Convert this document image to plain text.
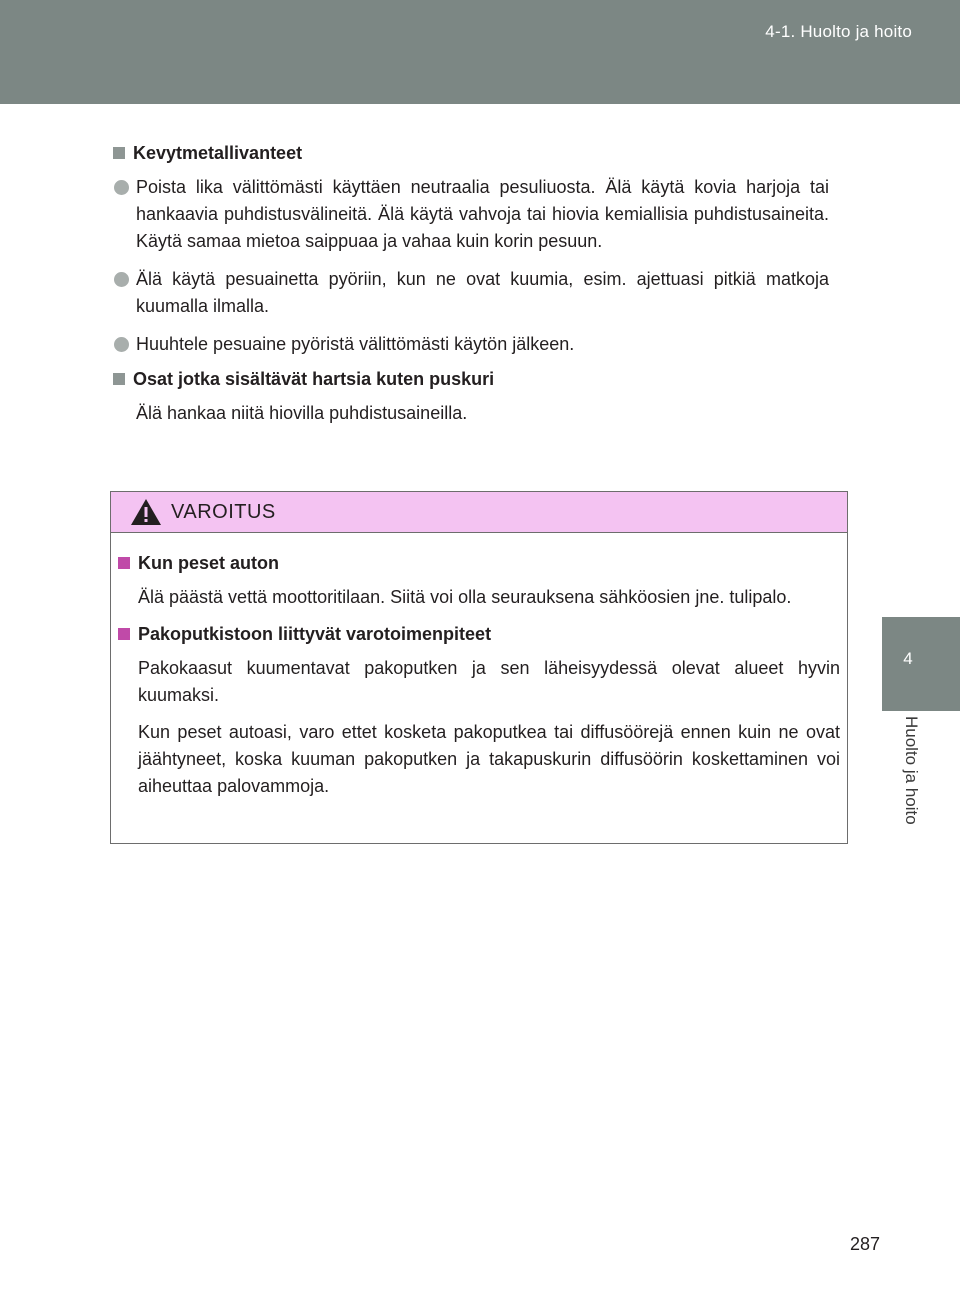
4-1. Huolto ja hoito
4
Huolto ja hoito
Kevytmetallivanteet
Poista lika välittömästi käyttäen neutraalia pesuliuosta. Älä käytä kovia harjoja tai hankaavia puhdistusvälineitä. Älä käytä vahvoja tai hiovia kemiallisia puhdistusaineita. Käytä samaa mietoa saippuaa ja vahaa kuin korin pesuun.
Älä käytä pesuainetta pyöriin, kun ne ovat kuumia, esim. ajettuasi pitkiä matkoja kuumalla ilmalla.
Huuhtele pesuaine pyöristä välittömästi käytön jälkeen.
Osat jotka sisältävät hartsia kuten puskuri
Älä hankaa niitä hiovilla puhdistusaineilla.
VAROITUS
Kun peset auton
Älä päästä vettä moottoritilaan. Siitä voi olla seurauksena sähköosien jne. tulipalo.
Pakoputkistoon liittyvät varotoimenpiteet
Pakokaasut kuumentavat pakoputken ja sen läheisyydessä olevat alueet hyvin kuumaksi.
Kun peset autoasi, varo ettet kosketa pakoputkea tai diffusöörejä ennen kuin ne ovat jäähtyneet, koska kuuman pakoputken ja takapuskurin diffusöörin koskettaminen voi aiheuttaa palovammoja.
287
